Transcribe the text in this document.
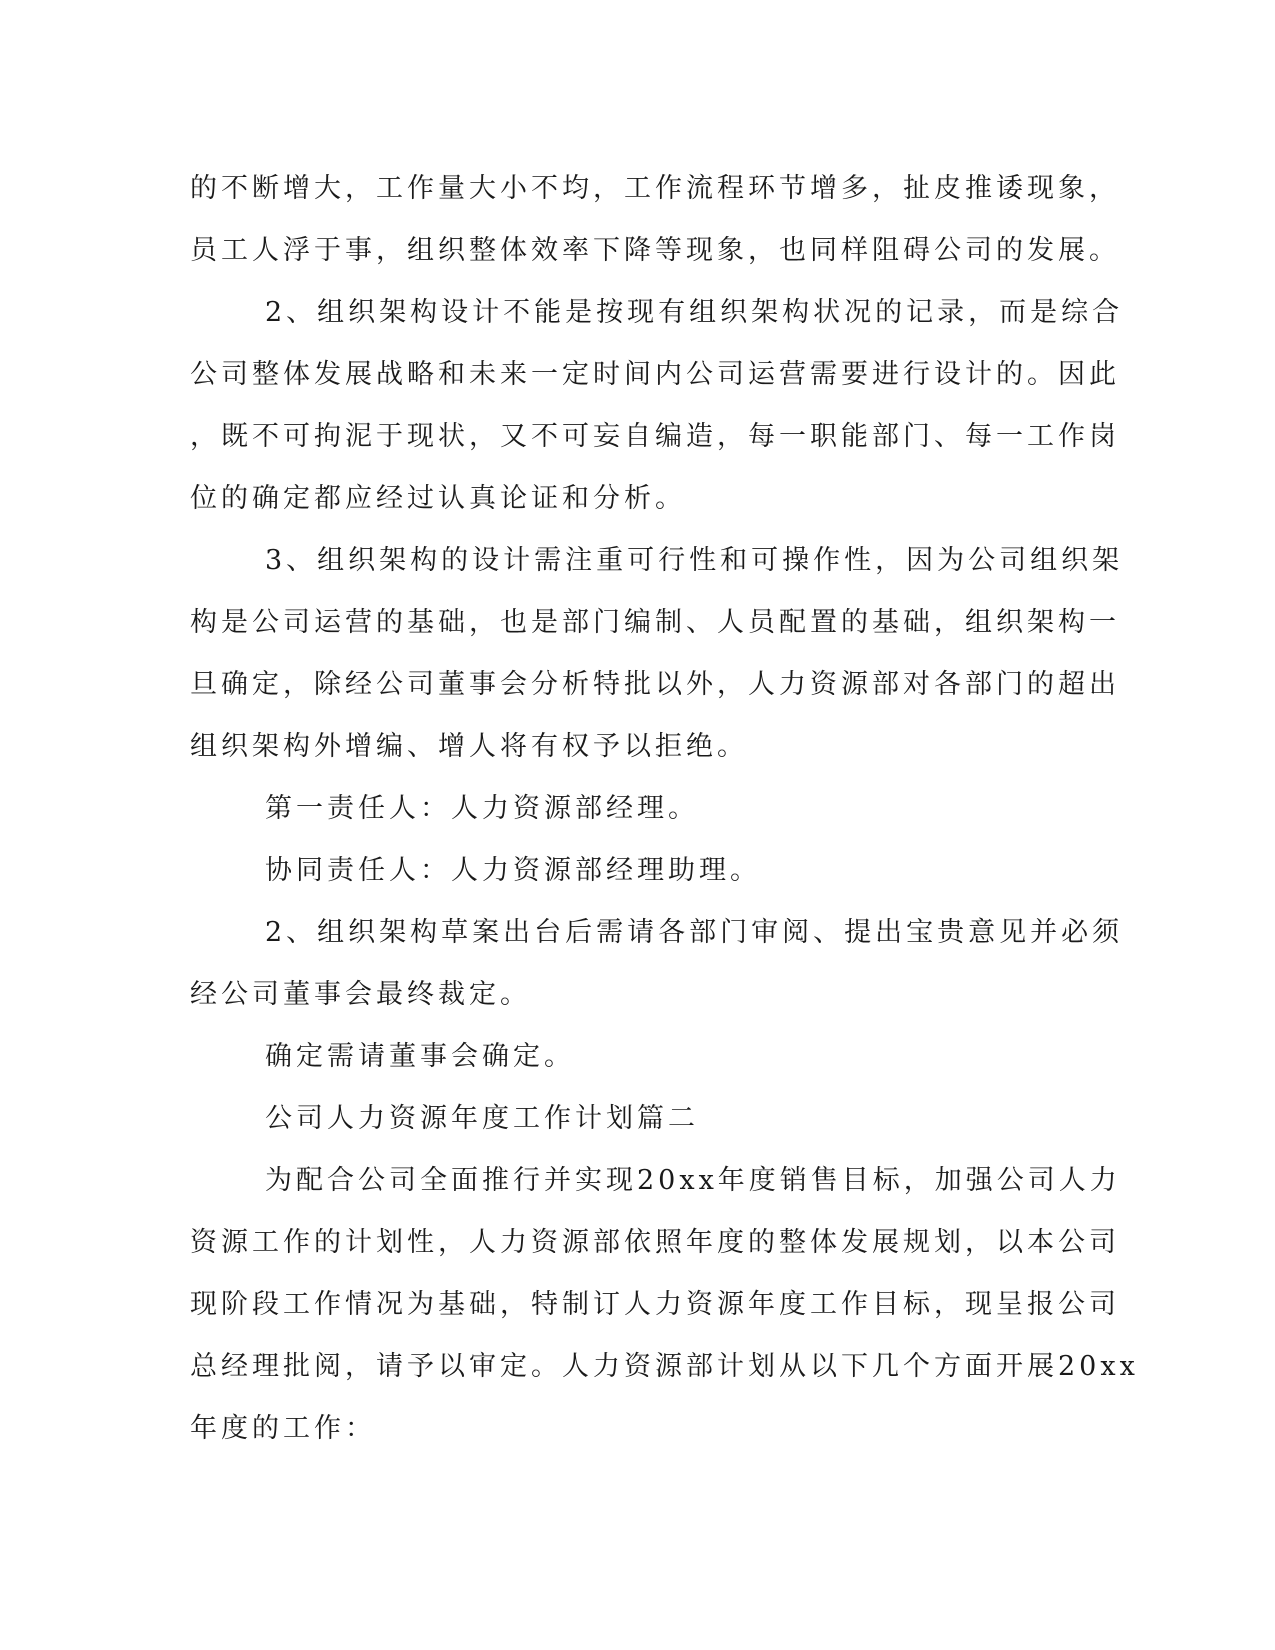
的不断增大，工作量大小不均，工作流程环节增多，扯皮推诿现象，
员工人浮于事，组织整体效率下降等现象，也同样阻碍公司的发展。
2、组织架构设计不能是按现有组织架构状况的记录，而是综合
公司整体发展战略和未来一定时间内公司运营需要进行设计的。因此
，既不可拘泥于现状，又不可妄自编造，每一职能部门、每一工作岗
位的确定都应经过认真论证和分析。
3、组织架构的设计需注重可行性和可操作性，因为公司组织架
构是公司运营的基础，也是部门编制、人员配置的基础，组织架构一
旦确定，除经公司董事会分析特批以外，人力资源部对各部门的超出
组织架构外增编、增人将有权予以拒绝。
第一责任人：人力资源部经理。
协同责任人：人力资源部经理助理。
2、组织架构草案出台后需请各部门审阅、提出宝贵意见并必须
经公司董事会最终裁定。
确定需请董事会确定。
公司人力资源年度工作计划篇二
为配合公司全面推行并实现20xx年度销售目标，加强公司人力
资源工作的计划性，人力资源部依照年度的整体发展规划，以本公司
现阶段工作情况为基础，特制订人力资源年度工作目标，现呈报公司
总经理批阅，请予以审定。人力资源部计划从以下几个方面开展20xx
年度的工作：
